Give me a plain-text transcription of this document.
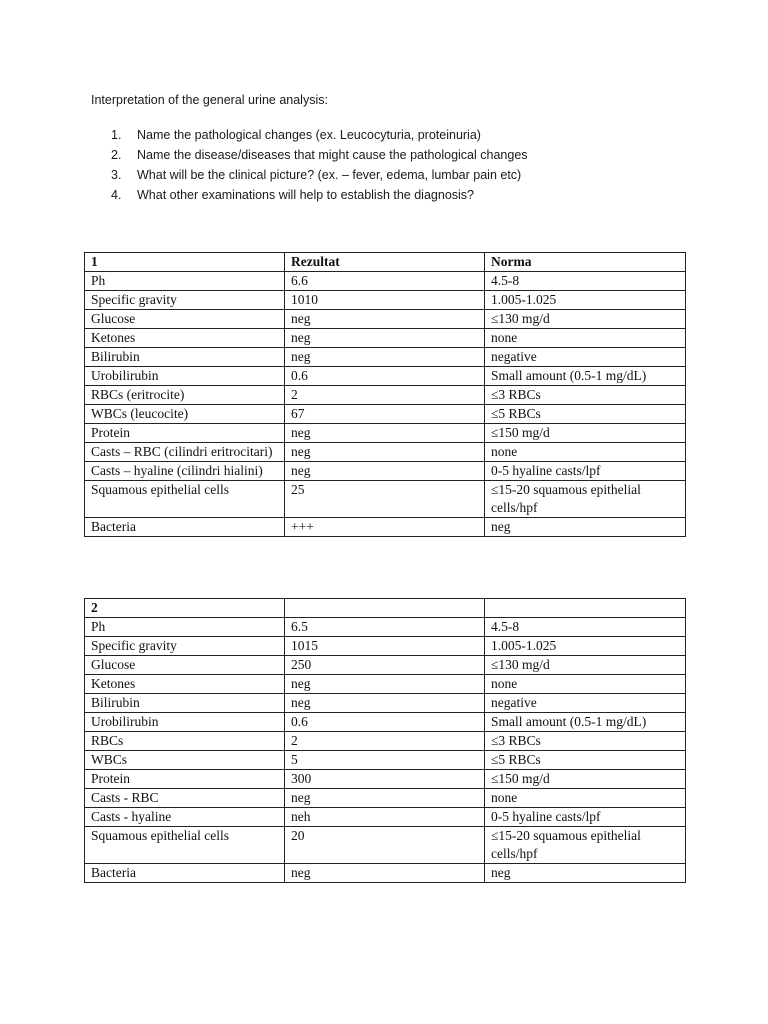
Interpretation of the general urine analysis:
1. Name the pathological changes (ex. Leucocyturia, proteinuria)
2. Name the disease/diseases that might cause the pathological changes
3. What will be the clinical picture? (ex. – fever, edema, lumbar pain etc)
4. What other examinations will help to establish the diagnosis?
1	Rezultat	Norma
Ph	6.6	4.5-8
Specific gravity	1010	1.005-1.025
Glucose	neg	≤130 mg/d
Ketones	neg	none
Bilirubin	neg	negative
Urobilirubin	0.6	Small amount (0.5-1 mg/dL)
RBCs (eritrocite)	2	≤3 RBCs
WBCs (leucocite)	67	≤5 RBCs
Protein	neg	≤150 mg/d
Casts – RBC (cilindri eritrocitari)	neg	none
Casts – hyaline (cilindri hialini)	neg	0-5 hyaline casts/lpf
Squamous epithelial cells	25	≤15-20 squamous epithelial cells/hpf
Bacteria	+++	neg
2		
Ph	6.5	4.5-8
Specific gravity	1015	1.005-1.025
Glucose	250	≤130 mg/d
Ketones	neg	none
Bilirubin	neg	negative
Urobilirubin	0.6	Small amount (0.5-1 mg/dL)
RBCs	2	≤3 RBCs
WBCs	5	≤5 RBCs
Protein	300	≤150 mg/d
Casts - RBC	neg	none
Casts - hyaline	neh	0-5 hyaline casts/lpf
Squamous epithelial cells	20	≤15-20 squamous epithelial cells/hpf
Bacteria	neg	neg
